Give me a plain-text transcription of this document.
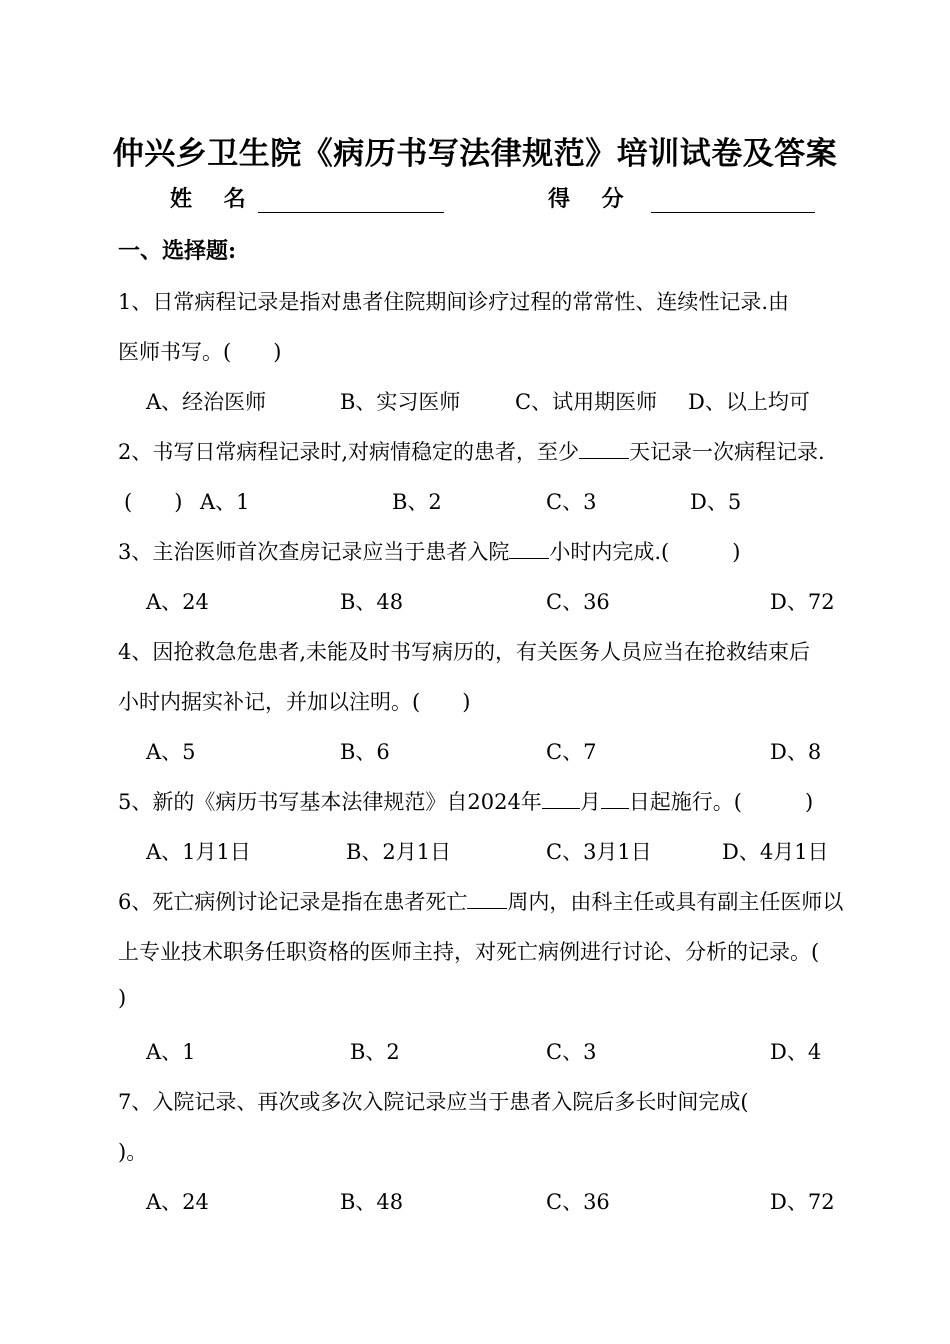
仲兴乡卫生院《病历书写法律规范》培训试卷及答案
姓 名	得 分
一、选择题:
1、日常病程记录是指对患者住院期间诊疗过程的常常性、连续性记录.由
医师书写。(　　)
A、经治医师	B、实习医师	C、试用期医师 D、以上均可
2、书写日常病程记录时,对病情稳定的患者，至少 天记录一次病程记录.
(　　) A、1	B、2	C、3	D、5
3、主治医师首次查房记录应当于患者入院 小时内完成.(　　　)
A、24	B、48	C、36	D、72
4、因抢救急危患者,未能及时书写病历的，有关医务人员应当在抢救结束后
小时内据实补记，并加以注明。(　　)
A、5	B、6	C、7	D、8
5、新的《病历书写基本法律规范》自2024年 月 日起施行。(　　　)
A、1月1日	B、2月1日	C、3月1日	D、4月1日
6、死亡病例讨论记录是指在患者死亡 周内，由科主任或具有副主任医师以
上专业技术职务任职资格的医师主持，对死亡病例进行讨论、分析的记录。(
)
A、1	B、2	C、3	D、4
7、入院记录、再次或多次入院记录应当于患者入院后多长时间完成(
)。
A、24	B、48	C、36	D、72
